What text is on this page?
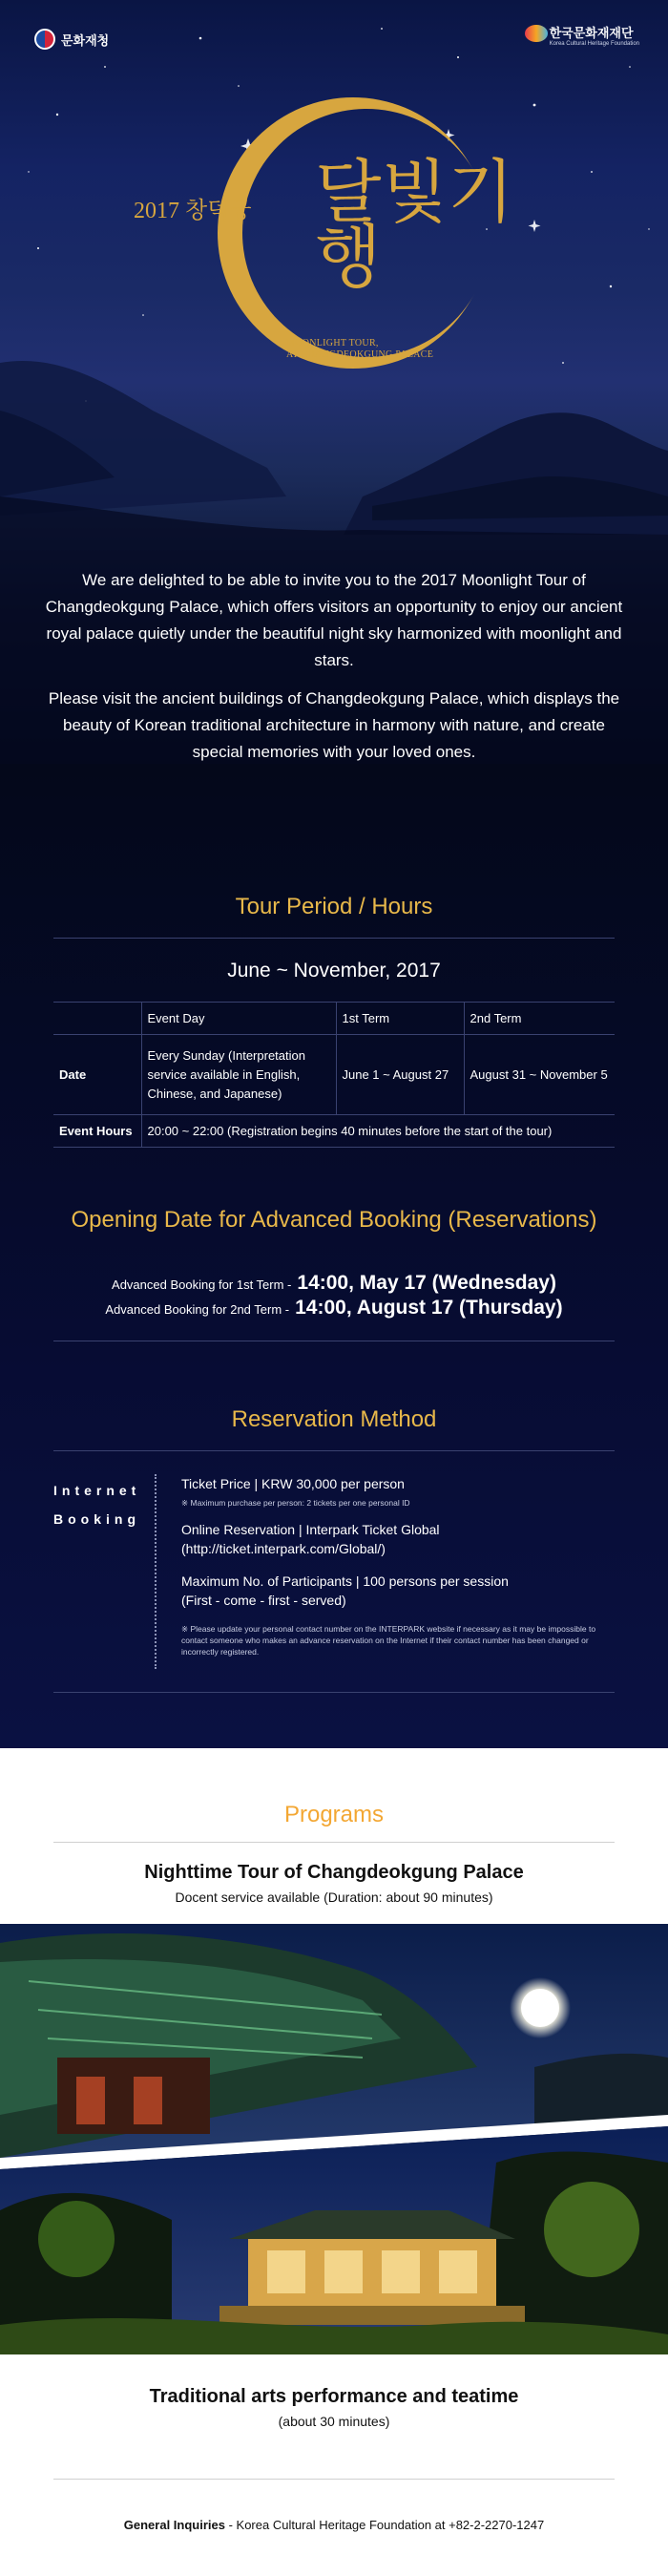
문화재청	한국문화재재단
Korea Cultural Heritage Foundation
2017 창덕궁 달빛기행
MOONLIGHT TOUR,
AT CHANGDEOKGUNG PALACE

We are delighted to be able to invite you to the 2017 Moonlight Tour of Changdeokgung Palace, which offers visitors an opportunity to enjoy our ancient royal palace quietly under the beautiful night sky harmonized with moonlight and stars.

Please visit the ancient buildings of Changdeokgung Palace, which displays the beauty of Korean traditional architecture in harmony with nature, and create special memories with your loved ones.

Tour Period / Hours
June ~ November, 2017
	Event Day	1st Term	2nd Term
Date	Every Sunday (Interpretation service available in English, Chinese, and Japanese)	June 1 ~ August 27	August 31 ~ November 5
Event Hours	20:00 ~ 22:00 (Registration begins 40 minutes before the start of the tour)		
Opening Date for Advanced Booking (Reservations)
Advanced Booking for 1st Term - 14:00, May 17 (Wednesday)
Advanced Booking for 2nd Term - 14:00, August 17 (Thursday)
Reservation Method
Internet
Booking
Ticket Price | KRW 30,000 per person
※ Maximum purchase per person: 2 tickets per one personal ID
Online Reservation | Interpark Ticket Global
(http://ticket.interpark.com/Global/)
Maximum No. of Participants | 100 persons per session
(First - come - first - served)
※ Please update your personal contact number on the INTERPARK website if necessary as it may be impossible to contact someone who makes an advance reservation on the Internet if their contact number has been changed or incorrectly registered.
Programs
Nighttime Tour of Changdeokgung Palace
Docent service available (Duration: about 90 minutes)
Traditional arts performance and teatime
(about 30 minutes)
General Inquiries - Korea Cultural Heritage Foundation at +82-2-2270-1247
